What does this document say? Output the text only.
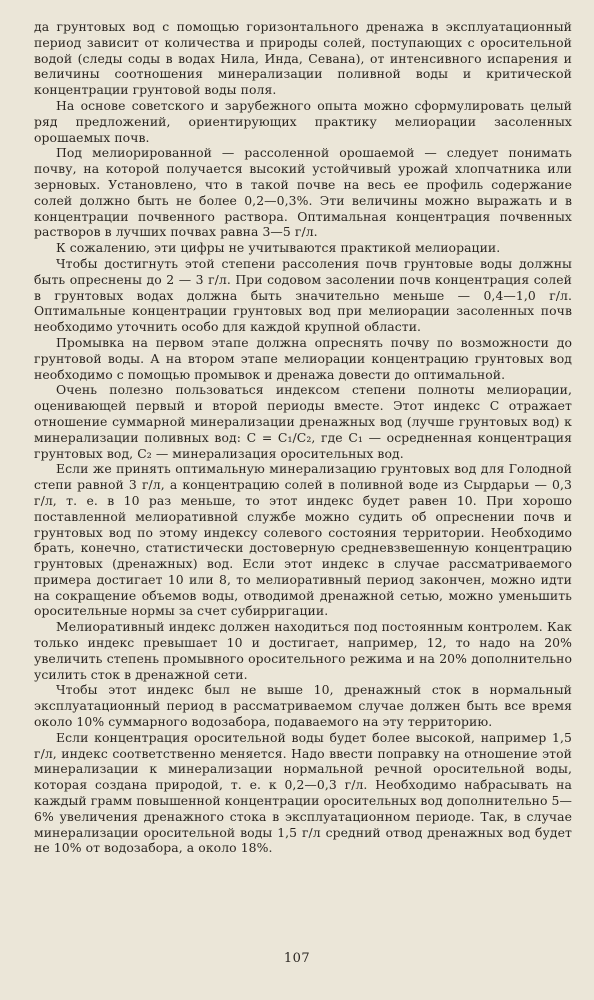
да грунтовых вод с помощью горизонтального дренажа в эксплуатационный период зависит от количества и природы солей, поступающих с оросительной водой (следы соды в водах Нила, Инда, Севана), от интенсивного испарения и величины соотношения минерализации поливной воды и критической концентрации грунтовой воды поля.

На основе советского и зарубежного опыта можно сформулировать целый ряд предложений, ориентирующих практику мелиорации засоленных орошаемых почв.

Под мелиорированной — рассоленной орошаемой — следует понимать почву, на которой получается высокий устойчивый урожай хлопчатника или зерновых. Установлено, что в такой почве на весь ее профиль содержание солей должно быть не более 0,2—0,3%. Эти величины можно выражать и в концентрации почвенного раствора. Оптимальная концентрация почвенных растворов в лучших почвах равна 3—5 г/л.

К сожалению, эти цифры не учитываются практикой мелиорации.

Чтобы достигнуть этой степени рассоления почв грунтовые воды должны быть опреснены до 2 — 3 г/л. При содовом засолении почв концентрация солей в грунтовых водах должна быть значительно меньше — 0,4—1,0 г/л. Оптимальные концентрации грунтовых вод при мелиорации засоленных почв необходимо уточнить особо для каждой крупной области.

Промывка на первом этапе должна опреснять почву по возможности до грунтовой воды. А на втором этапе мелиорации концентрацию грунтовых вод необходимо с помощью промывок и дренажа довести до оптимальной.

Очень полезно пользоваться индексом степени полноты мелиорации, оценивающей первый и второй периоды вместе. Этот индекс C отражает отношение суммарной минерализации дренажных вод (лучше грунтовых вод) к минерализации поливных вод: C = C₁/C₂, где C₁ — осредненная концентрация грунтовых вод, C₂ — минерализация оросительных вод.

Если же принять оптимальную минерализацию грунтовых вод для Голодной степи равной 3 г/л, а концентрацию солей в поливной воде из Сырдарьи — 0,3 г/л, т. е. в 10 раз меньше, то этот индекс будет равен 10. При хорошо поставленной мелиоративной службе можно судить об опреснении почв и грунтовых вод по этому индексу солевого состояния территории. Необходимо брать, конечно, статистически достоверную средневзвешенную концентрацию грунтовых (дренажных) вод. Если этот индекс в случае рассматриваемого примера достигает 10 или 8, то мелиоративный период закончен, можно идти на сокращение объемов воды, отводимой дренажной сетью, можно уменьшить оросительные нормы за счет субирригации.

Мелиоративный индекс должен находиться под постоянным контролем. Как только индекс превышает 10 и достигает, например, 12, то надо на 20% увеличить степень промывного оросительного режима и на 20% дополнительно усилить сток в дренажной сети.

Чтобы этот индекс был не выше 10, дренажный сток в нормальный эксплуатационный период в рассматриваемом случае должен быть все время около 10% суммарного водозабора, подаваемого на эту территорию.

Если концентрация оросительной воды будет более высокой, например 1,5 г/л, индекс соответственно меняется. Надо ввести поправку на отношение этой минерализации к минерализации нормальной речной оросительной воды, которая создана природой, т. е. к 0,2—0,3 г/л. Необходимо набрасывать на каждый грамм повышенной концентрации оросительных вод дополнительно 5—6% увеличения дренажного стока в эксплуатационном периоде. Так, в случае минерализации оросительной воды 1,5 г/л средний отвод дренажных вод будет не 10% от водозабора, а около 18%.

107
